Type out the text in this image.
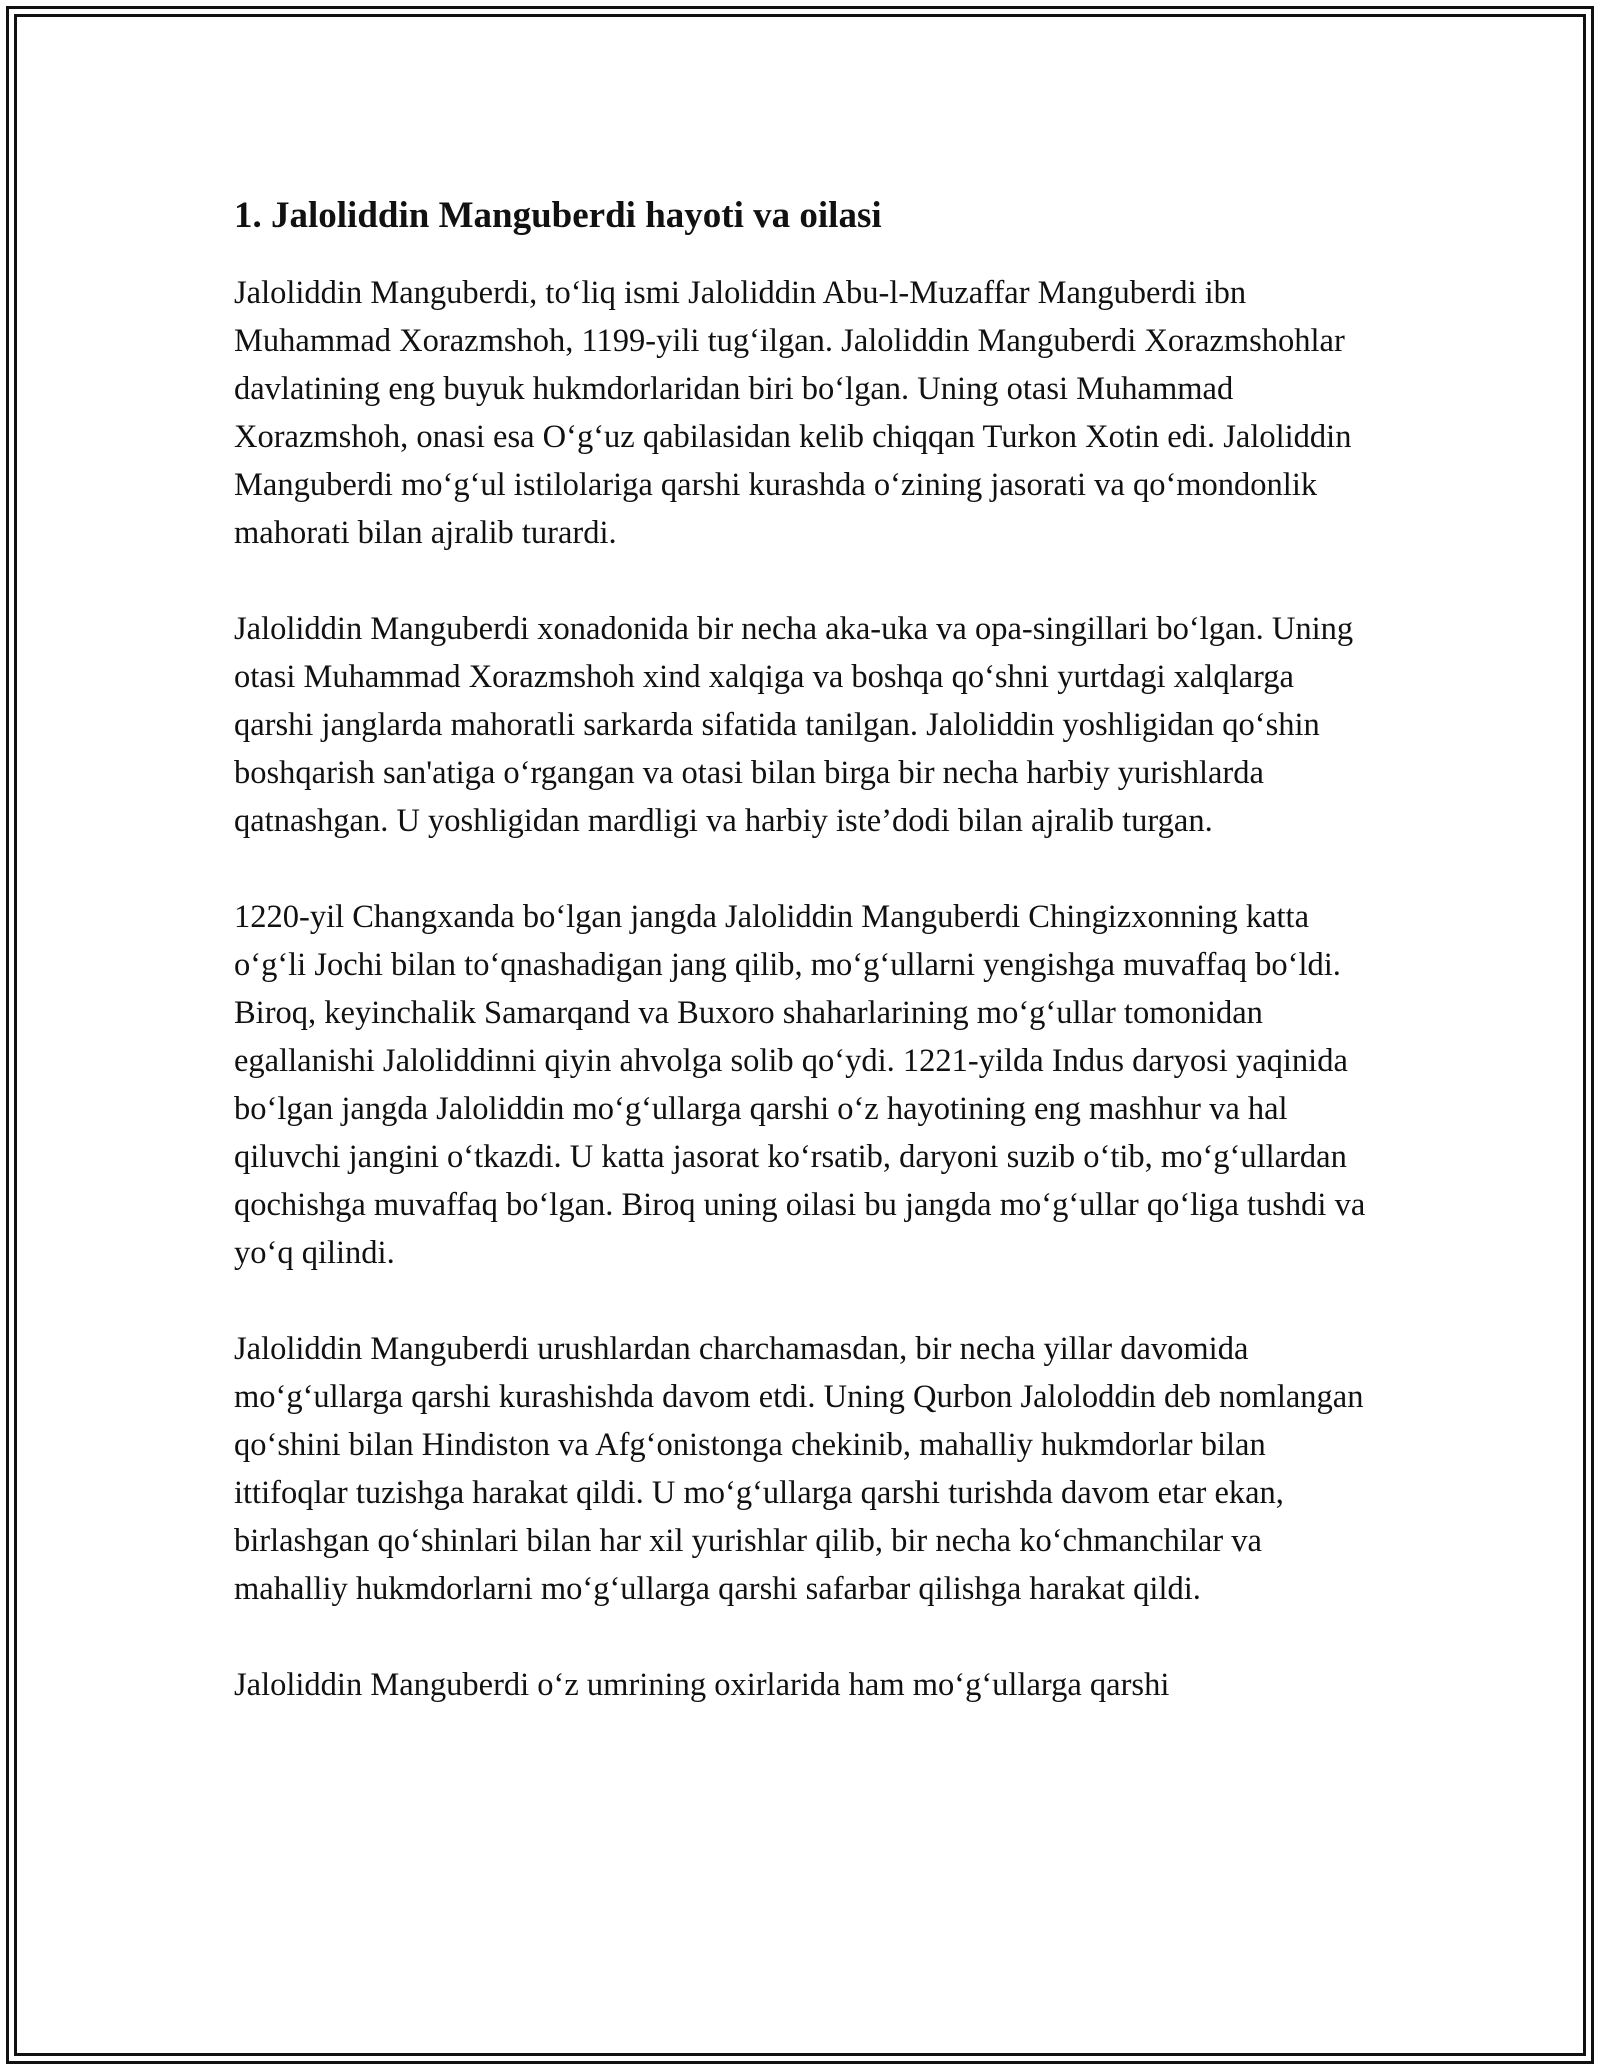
1. Jaloliddin Manguberdi hayoti va oilasi

Jaloliddin Manguberdi, to‘liq ismi Jaloliddin Abu-l-Muzaffar Manguberdi ibn Muhammad Xorazmshoh, 1199-yili tug‘ilgan. Jaloliddin Manguberdi Xorazmshohlar davlatining eng buyuk hukmdorlaridan biri bo‘lgan. Uning otasi Muhammad Xorazmshoh, onasi esa O‘g‘uz qabilasidan kelib chiqqan Turkon Xotin edi. Jaloliddin Manguberdi mo‘g‘ul istilolariga qarshi kurashda o‘zining jasorati va qo‘mondonlik mahorati bilan ajralib turardi.

Jaloliddin Manguberdi xonadonida bir necha aka-uka va opa-singillari bo‘lgan. Uning otasi Muhammad Xorazmshoh xind xalqiga va boshqa qo‘shni yurtdagi xalqlarga qarshi janglarda mahoratli sarkarda sifatida tanilgan. Jaloliddin yoshligidan qo‘shin boshqarish san'atiga o‘rgangan va otasi bilan birga bir necha harbiy yurishlarda qatnashgan. U yoshligidan mardligi va harbiy iste’dodi bilan ajralib turgan.

1220-yil Changxanda bo‘lgan jangda Jaloliddin Manguberdi Chingizxonning katta o‘g‘li Jochi bilan to‘qnashadigan jang qilib, mo‘g‘ullarni yengishga muvaffaq bo‘ldi. Biroq, keyinchalik Samarqand va Buxoro shaharlarining mo‘g‘ullar tomonidan egallanishi Jaloliddinni qiyin ahvolga solib qo‘ydi. 1221-yilda Indus daryosi yaqinida bo‘lgan jangda Jaloliddin mo‘g‘ullarga qarshi o‘z hayotining eng mashhur va hal qiluvchi jangini o‘tkazdi. U katta jasorat ko‘rsatib, daryoni suzib o‘tib, mo‘g‘ullardan qochishga muvaffaq bo‘lgan. Biroq uning oilasi bu jangda mo‘g‘ullar qo‘liga tushdi va yo‘q qilindi.

Jaloliddin Manguberdi urushlardan charchamasdan, bir necha yillar davomida mo‘g‘ullarga qarshi kurashishda davom etdi. Uning Qurbon Jaloloddin deb nomlangan qo‘shini bilan Hindiston va Afg‘onistonga chekinib, mahalliy hukmdorlar bilan ittifoqlar tuzishga harakat qildi. U mo‘g‘ullarga qarshi turishda davom etar ekan, birlashgan qo‘shinlari bilan har xil yurishlar qilib, bir necha ko‘chmanchilar va mahalliy hukmdorlarni mo‘g‘ullarga qarshi safarbar qilishga harakat qildi.

Jaloliddin Manguberdi o‘z umrining oxirlarida ham mo‘g‘ullarga qarshi
